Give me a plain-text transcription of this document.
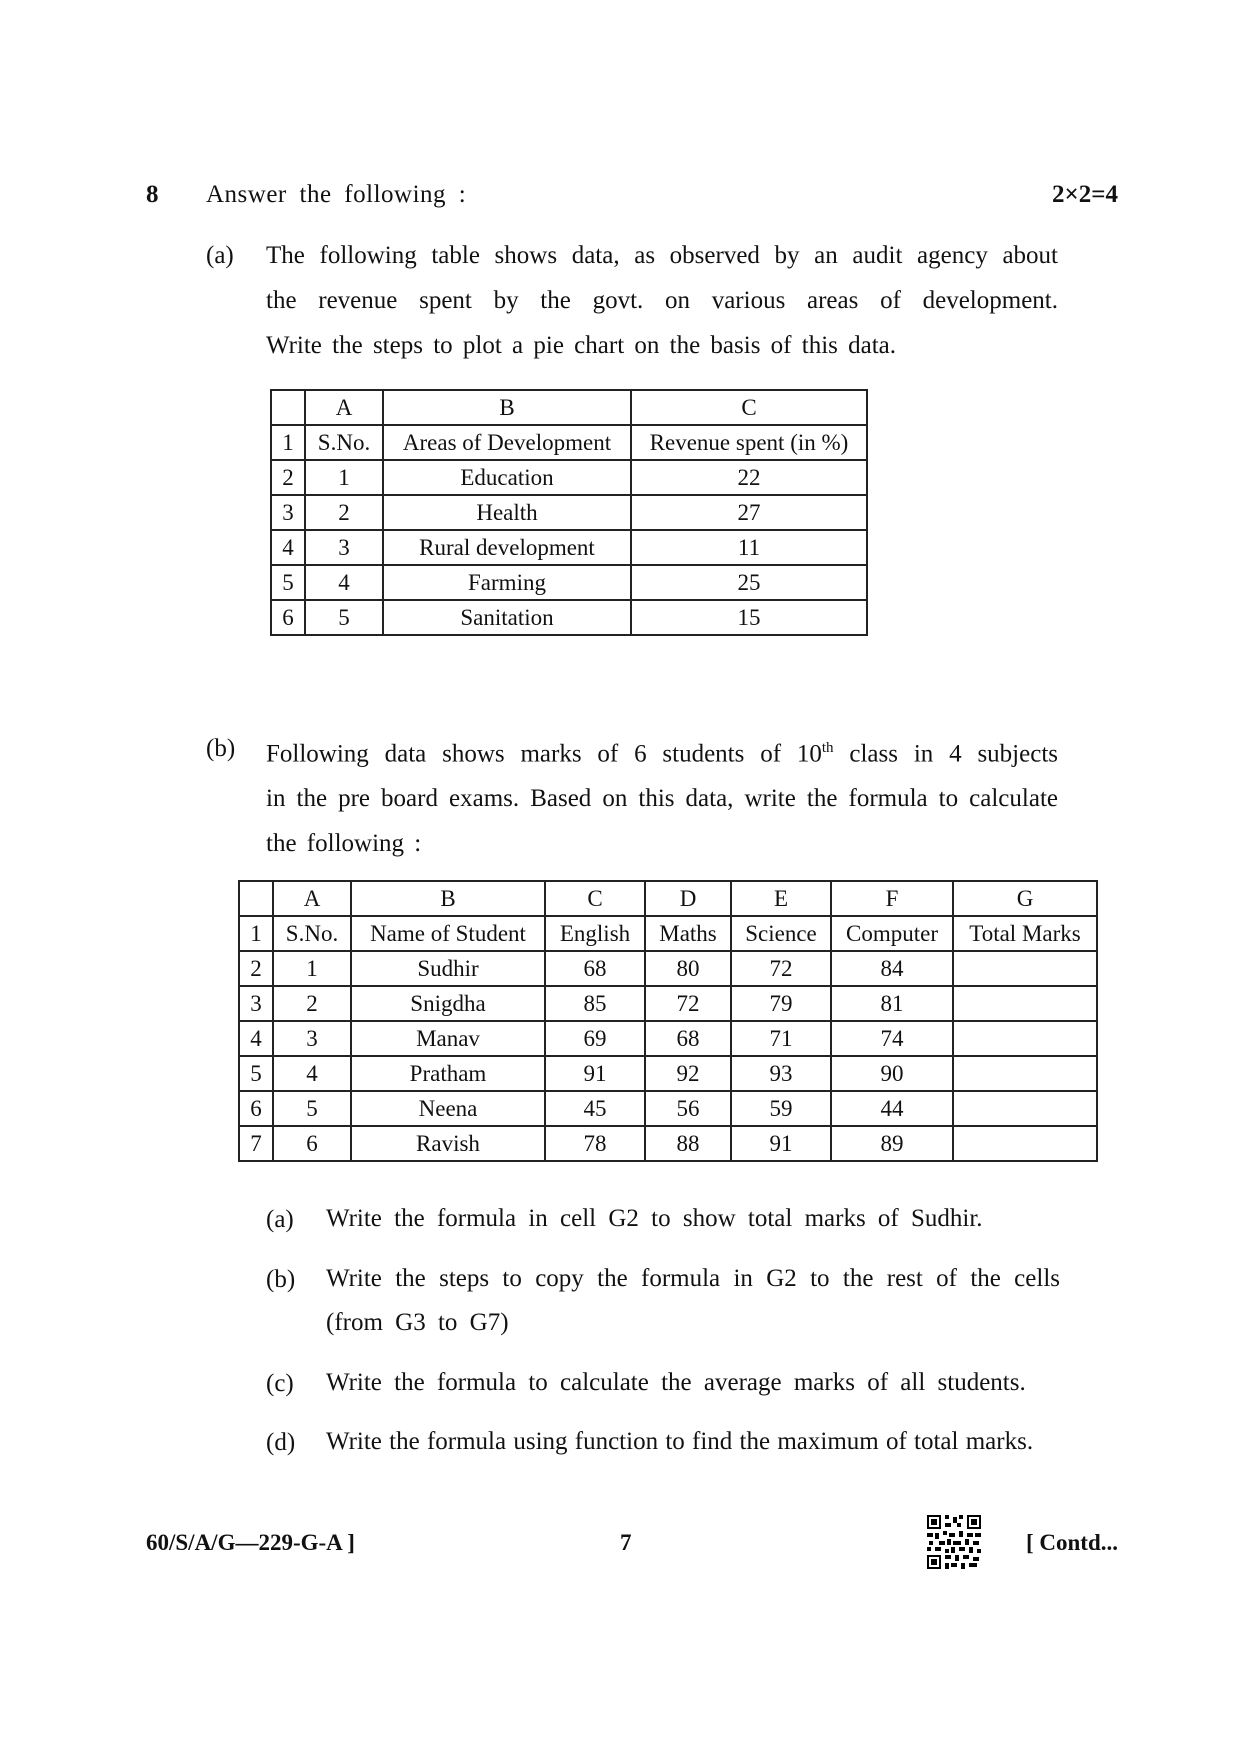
8 Answer the following :	2×2=4
(a) The following table shows data, as observed by an audit agency about
the revenue spent by the govt. on various areas of development.
Write the steps to plot a pie chart on the basis of this data.
	A	B	C
1	S.No.	Areas of Development	Revenue spent (in %)
2	1	Education	22
3	2	Health	27
4	3	Rural development	11
5	4	Farming	25
6	5	Sanitation	15
(b) Following data shows marks of 6 students of 10th class in 4 subjects
in the pre board exams. Based on this data, write the formula to calculate
the following :
	A	B	C	D	E	F	G
1	S.No.	Name of Student	English	Maths	Science	Computer	Total Marks
2	1	Sudhir	68	80	72	84	
3	2	Snigdha	85	72	79	81	
4	3	Manav	69	68	71	74	
5	4	Pratham	91	92	93	90	
6	5	Neena	45	56	59	44	
7	6	Ravish	78	88	91	89	
(a) Write the formula in cell G2 to show total marks of Sudhir.
(b) Write the steps to copy the formula in G2 to the rest of the cells
(from G3 to G7)
(c) Write the formula to calculate the average marks of all students.
(d) Write the formula using function to find the maximum of total marks.
60/S/A/G—229-G-A ]	7	[ Contd...
